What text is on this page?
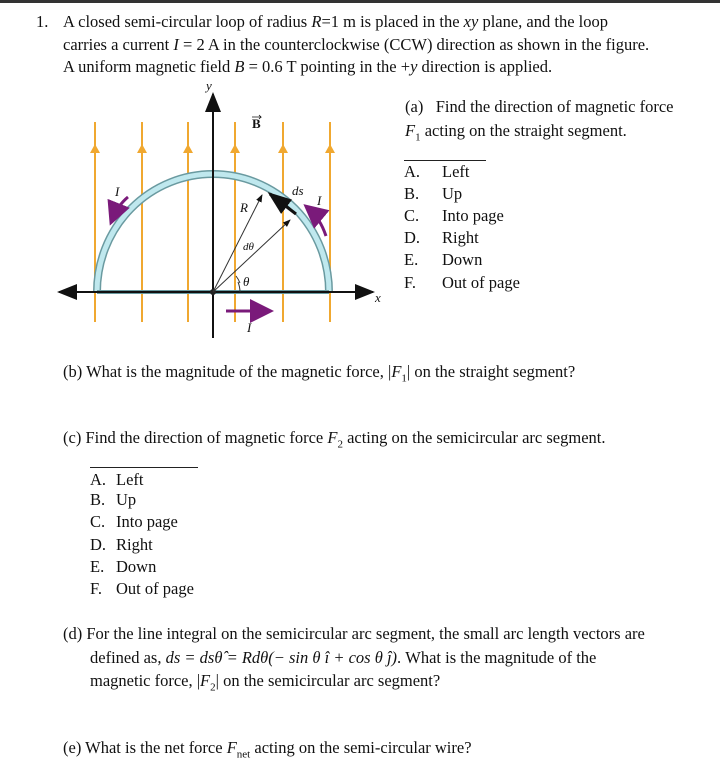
1. A closed semi-circular loop of radius R=1 m is placed in the xy plane, and the loop
carries a current I = 2 A in the counterclockwise (CCW) direction as shown in the figure.
A uniform magnetic field B = 0.6 T pointing in the +y direction is applied.
y
x
B
R
dθ
θ
ds
I
I
I
(a) Find the direction of magnetic force
$F_1$ acting on the straight segment.
A. Left
B. Up
C. Into page
D. Right
E. Down
F. Out of page
(b) What is the magnitude of the magnetic force, $|F_1|$ on the straight segment?
(c) Find the direction of magnetic force $F_2$ acting on the semicircular arc segment.
A. Left
B. Up
C. Into page
D. Right
E. Down
F. Out of page
(d) For the line integral on the semicircular arc segment, the small arc length vectors are
defined as, ds = dsθ̂ = Rdθ(− sin θ î + cos θ ĵ). What is the magnitude of the
magnetic force, $|F_2|$ on the semicircular arc segment?
(e) What is the net force $F_{net}$ acting on the semi-circular wire?
